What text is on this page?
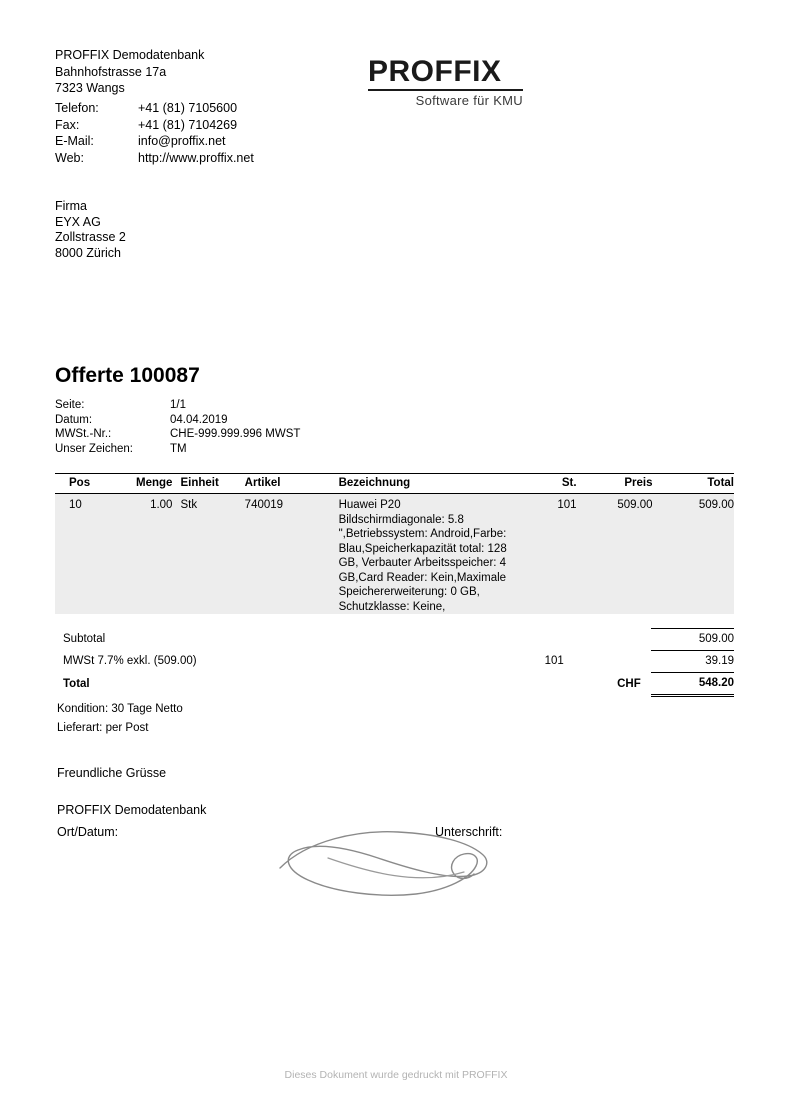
PROFFIX Demodatenbank
Bahnhofstrasse 17a
7323 Wangs
Telefon:	+41 (81) 7105600
Fax:	+41 (81) 7104269
E-Mail:	info@proffix.net
Web:	http://www.proffix.net
PROFFIX
Software für KMU
Firma
EYX AG
Zollstrasse 2
8000 Zürich
Offerte 100087
Seite:	1/1
Datum:	04.04.2019
MWSt.-Nr.:	CHE-999.999.996 MWST
Unser Zeichen:	TM
Pos	Menge	Einheit	Artikel	Bezeichnung	St.	Preis	Total
10	1.00	Stk	740019	Huawei P20
Bildschirmdiagonale: 5.8 ",Betriebssystem: Android,Farbe: Blau,Speicherkapazität total: 128 GB, Verbauter Arbeitsspeicher: 4 GB,Card Reader: Kein,Maximale Speichererweiterung: 0 GB, Schutzklasse: Keine,	101	509.00	509.00
Subtotal			509.00
MWSt 7.7% exkl. (509.00)	101		39.19
Total		CHF	548.20
Kondition: 30 Tage Netto
Lieferart: per Post
Freundliche Grüsse
PROFFIX Demodatenbank
Ort/Datum:	Unterschrift:
Dieses Dokument wurde gedruckt mit PROFFIX
